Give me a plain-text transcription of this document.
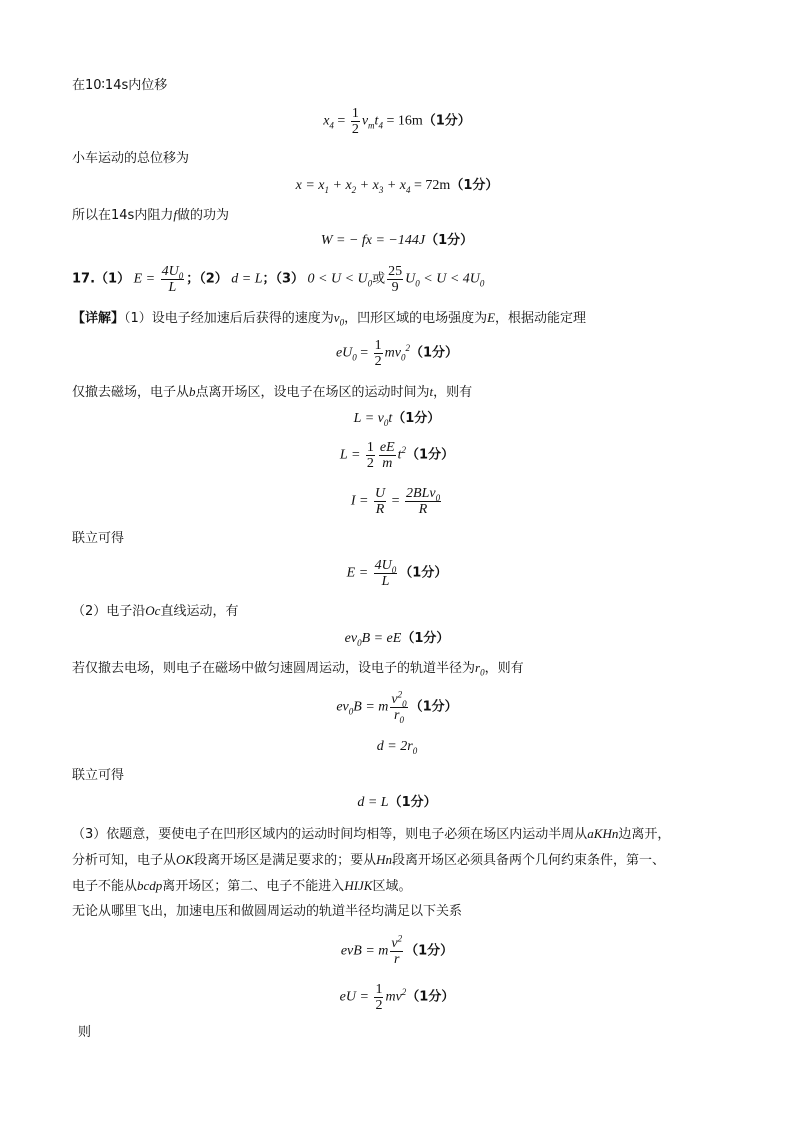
在10∶14s内位移
$x_4 = \frac{1}{2} v_mt_4 = 16m(1$分）
小车运动的总位移为
$x = x_1 + x_2 + x_3 + x_4 = 72m(1$分）
所以在14s内阻力f做的功为
W = − fx = −144J（1分）
17.（1） $E = \frac{4U_0}{L}$ ；（2） d = L；（3） $0 < U < U_0$或 $\frac{25}{9} U_0 < U < 4U_0$
【详解】（1）设电子经加速后后获得的速度为$v_0$，凹形区域的电场强度为E，根据动能定理
$eU_0 = \frac{1}{2} mv_0^2(1$分）
仅撤去磁场，电子从b点离开场区，设电子在场区的运动时间为t，则有
$L = v_0t(1$分）
$L = \frac{1}{2} \frac{eE}{m} t^2(1$分）
$I = \frac{U}{R} = \frac{2BLv_0}{R}$
联立可得
$E = \frac{4U_0}{L} (1$分）
（2）电子沿Oc直线运动，有
$ev_0B = eE(1$分）
若仅撤去电场，则电子在磁场中做匀速圆周运动，设电子的轨道半径为$r_0$，则有
$ev_0B = m \frac{v^2_0}{r_0} (1$分）
$d = 2r_0$
联立可得
d = L（1分）
（3）依题意，要使电子在凹形区域内的运动时间均相等，则电子必须在场区内运动半周从aKHn边离开，
分析可知，电子从OK段离开场区是满足要求的；要从Hn段离开场区必须具备两个几何约束条件，第一、
电子不能从bcdp离开场区；第二、电子不能进入HIJK区域。
无论从哪里飞出，加速电压和做圆周运动的轨道半径均满足以下关系
evB = m $\frac{v^2}{r} (1$分）
eU = $\frac{1}{2} mv^2(1$分）
则
